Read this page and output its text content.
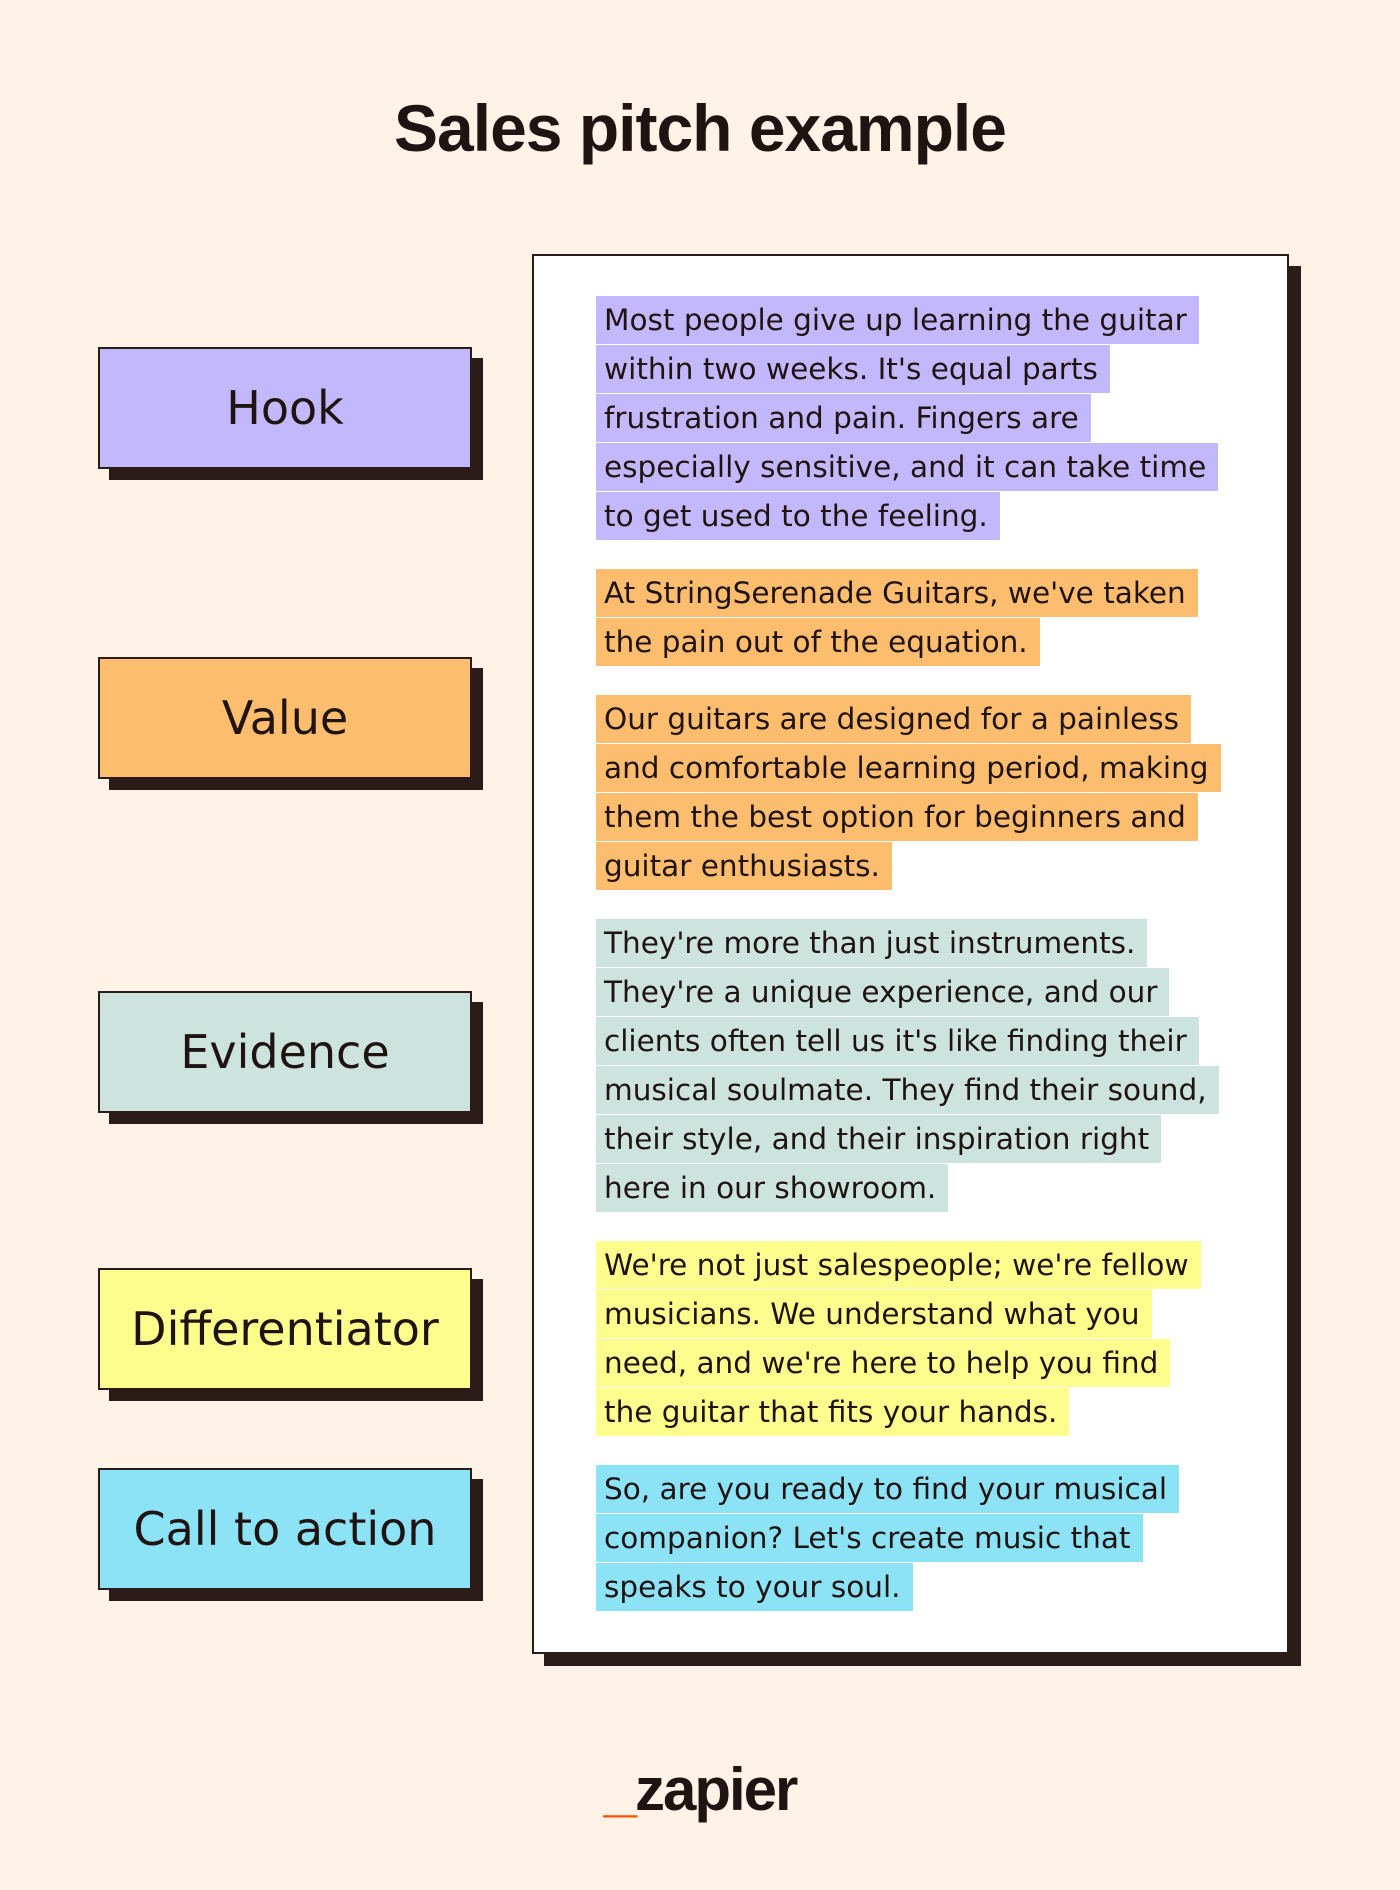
Sales pitch example
Hook
Value
Evidence
Differentiator
Call to action

Most people give up learning the guitar
within two weeks. It's equal parts
frustration and pain. Fingers are
especially sensitive, and it can take time
to get used to the feeling.

At StringSerenade Guitars, we've taken
the pain out of the equation.

Our guitars are designed for a painless
and comfortable learning period, making
them the best option for beginners and
guitar enthusiasts.

They're more than just instruments.
They're a unique experience, and our
clients often tell us it's like finding their
musical soulmate. They find their sound,
their style, and their inspiration right
here in our showroom.

We're not just salespeople; we're fellow
musicians. We understand what you
need, and we're here to help you find
the guitar that fits your hands.

So, are you ready to find your musical
companion? Let's create music that
speaks to your soul.

_zapier
